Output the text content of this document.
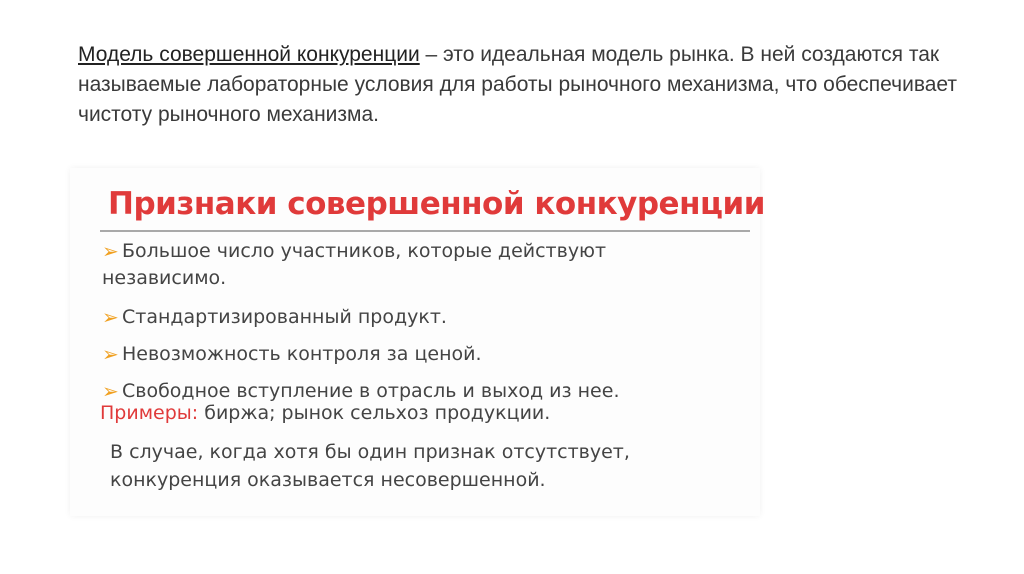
Модель совершенной конкуренции – это идеальная модель рынка. В ней создаются так называемые лабораторные условия для работы рыночного механизма, что обеспечивает чистоту рыночного механизма.
Признаки совершенной конкуренции
➢ Большое число участников, которые действуют
независимо.
➢ Стандартизированный продукт.
➢ Невозможность контроля за ценой.
➢ Свободное вступление в отрасль и выход из нее.
Примеры: биржа; рынок сельхоз продукции.
В случае, когда хотя бы один признак отсутствует, конкуренция оказывается несовершенной.
